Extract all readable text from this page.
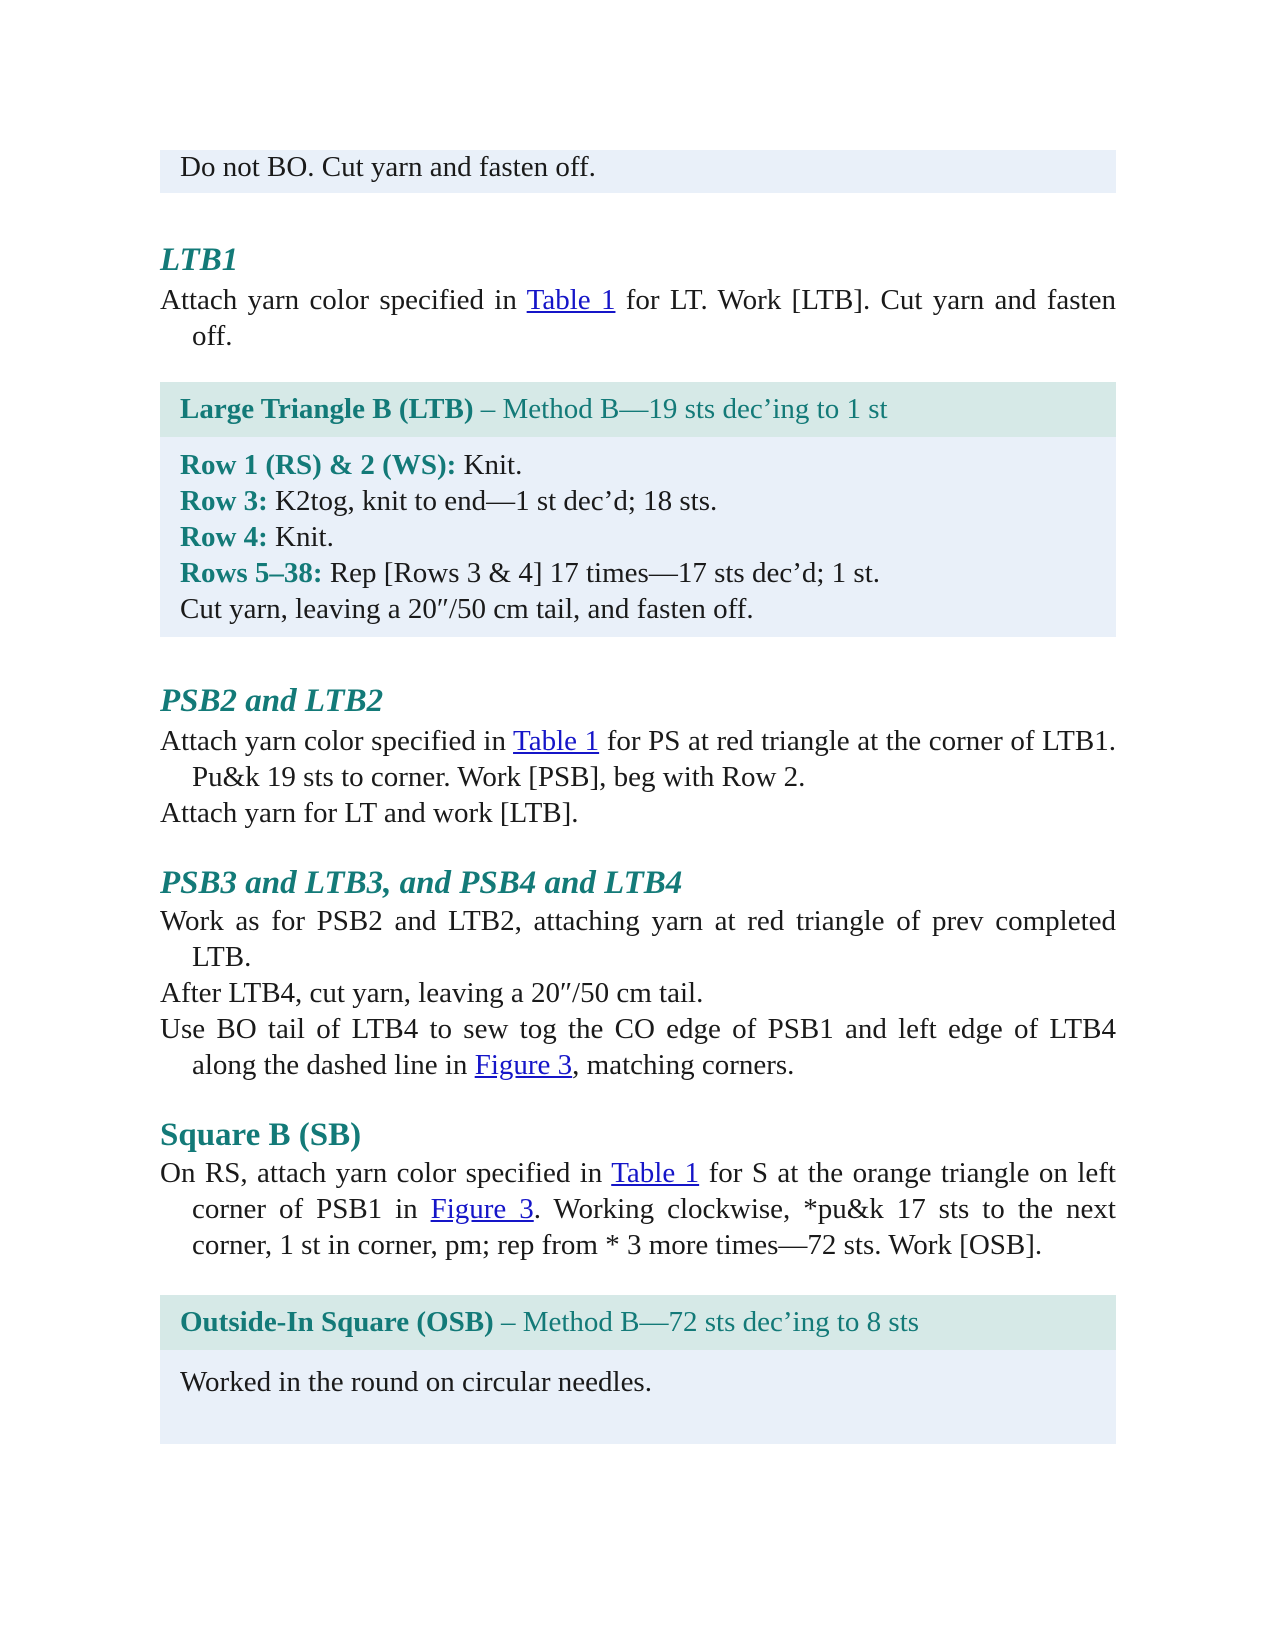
Do not BO. Cut yarn and fasten off.
LTB1

Attach yarn color specified in Table 1 for LT. Work [LTB]. Cut yarn and fasten off.

Large Triangle B (LTB) – Method B—19 sts dec’ing to 1 st
Row 1 (RS) & 2 (WS): Knit.
Row 3: K2tog, knit to end—1 st dec’d; 18 sts.
Row 4: Knit.
Rows 5–38: Rep [Rows 3 & 4] 17 times—17 sts dec’d; 1 st.
Cut yarn, leaving a 20″/50 cm tail, and fasten off.
PSB2 and LTB2

Attach yarn color specified in Table 1 for PS at red triangle at the corner of LTB1. Pu&k 19 sts to corner. Work [PSB], beg with Row 2.

Attach yarn for LT and work [LTB].

PSB3 and LTB3, and PSB4 and LTB4

Work as for PSB2 and LTB2, attaching yarn at red triangle of prev completed LTB.

After LTB4, cut yarn, leaving a 20″/50 cm tail.

Use BO tail of LTB4 to sew tog the CO edge of PSB1 and left edge of LTB4 along the dashed line in Figure 3, matching corners.

Square B (SB)

On RS, attach yarn color specified in Table 1 for S at the orange triangle on left corner of PSB1 in Figure 3. Working clockwise, *pu&k 17 sts to the next corner, 1 st in corner, pm; rep from * 3 more times—72 sts. Work [OSB].

Outside-In Square (OSB) – Method B—72 sts dec’ing to 8 sts
Worked in the round on circular needles.
